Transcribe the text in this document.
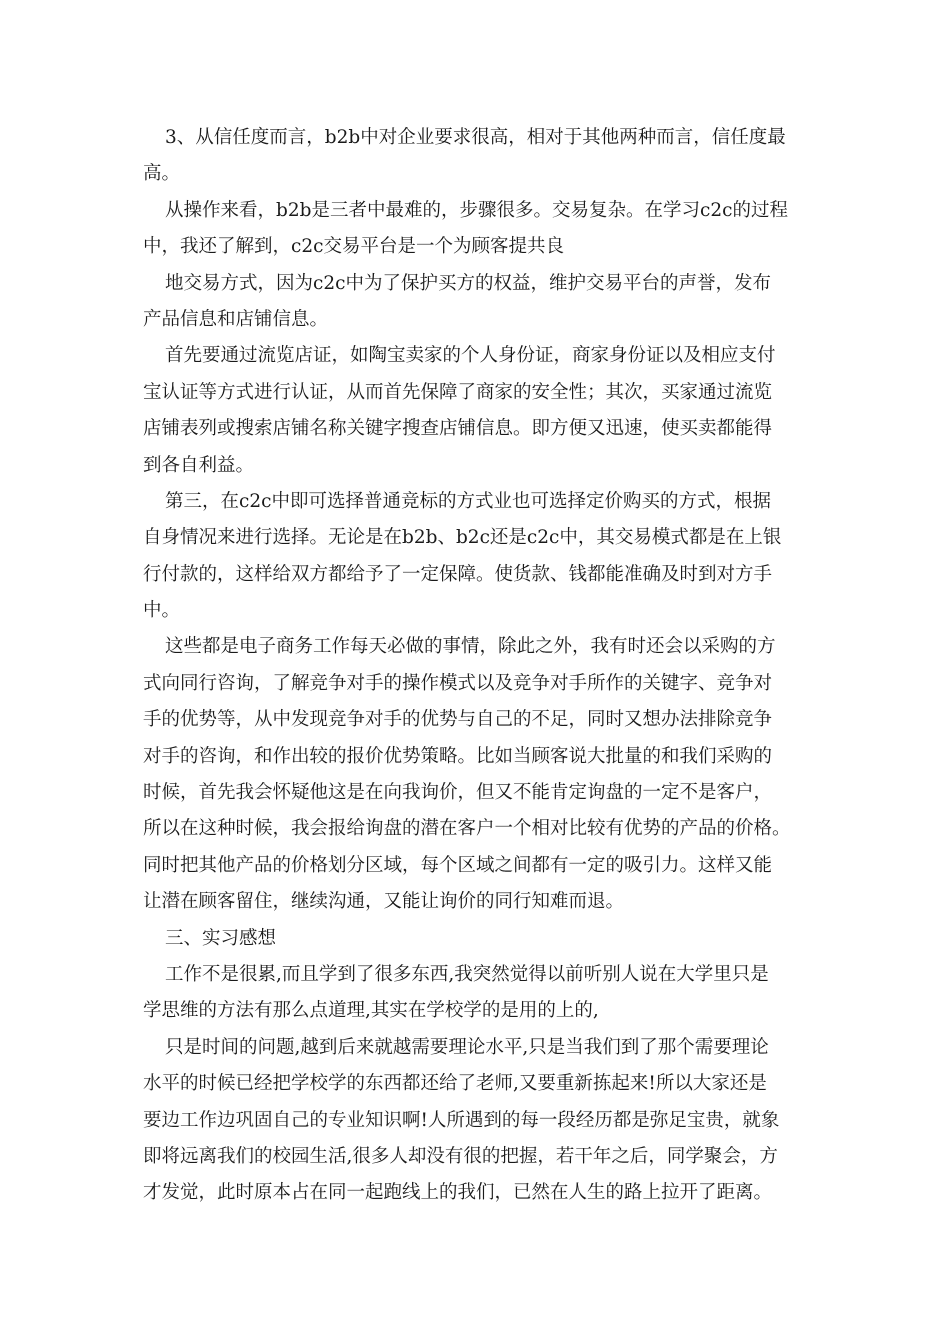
3、从信任度而言，b2b中对企业要求很高，相对于其他两种而言，信任度最
高。
从操作来看，b2b是三者中最难的，步骤很多。交易复杂。在学习c2c的过程
中，我还了解到，c2c交易平台是一个为顾客提共良
地交易方式，因为c2c中为了保护买方的权益，维护交易平台的声誉，发布
产品信息和店铺信息。
首先要通过流览店证，如陶宝卖家的个人身份证，商家身份证以及相应支付
宝认证等方式进行认证，从而首先保障了商家的安全性；其次，买家通过流览
店铺表列或搜索店铺名称关键字搜查店铺信息。即方便又迅速，使买卖都能得
到各自利益。
第三，在c2c中即可选择普通竞标的方式业也可选择定价购买的方式，根据
自身情况来进行选择。无论是在b2b、b2c还是c2c中，其交易模式都是在上银
行付款的，这样给双方都给予了一定保障。使货款、钱都能准确及时到对方手
中。
这些都是电子商务工作每天必做的事情，除此之外，我有时还会以采购的方
式向同行咨询，了解竞争对手的操作模式以及竞争对手所作的关键字、竞争对
手的优势等，从中发现竞争对手的优势与自己的不足，同时又想办法排除竞争
对手的咨询，和作出较的报价优势策略。比如当顾客说大批量的和我们采购的
时候，首先我会怀疑他这是在向我询价，但又不能肯定询盘的一定不是客户，
所以在这种时候，我会报给询盘的潜在客户一个相对比较有优势的产品的价格。
同时把其他产品的价格划分区域，每个区域之间都有一定的吸引力。这样又能
让潜在顾客留住，继续沟通，又能让询价的同行知难而退。
三、实习感想
工作不是很累,而且学到了很多东西,我突然觉得以前听别人说在大学里只是
学思维的方法有那么点道理,其实在学校学的是用的上的,
只是时间的问题,越到后来就越需要理论水平,只是当我们到了那个需要理论
水平的时候已经把学校学的东西都还给了老师,又要重新拣起来!所以大家还是
要边工作边巩固自己的专业知识啊!人所遇到的每一段经历都是弥足宝贵，就象
即将远离我们的校园生活,很多人却没有很的把握，若干年之后，同学聚会，方
才发觉，此时原本占在同一起跑线上的我们，已然在人生的路上拉开了距离。
